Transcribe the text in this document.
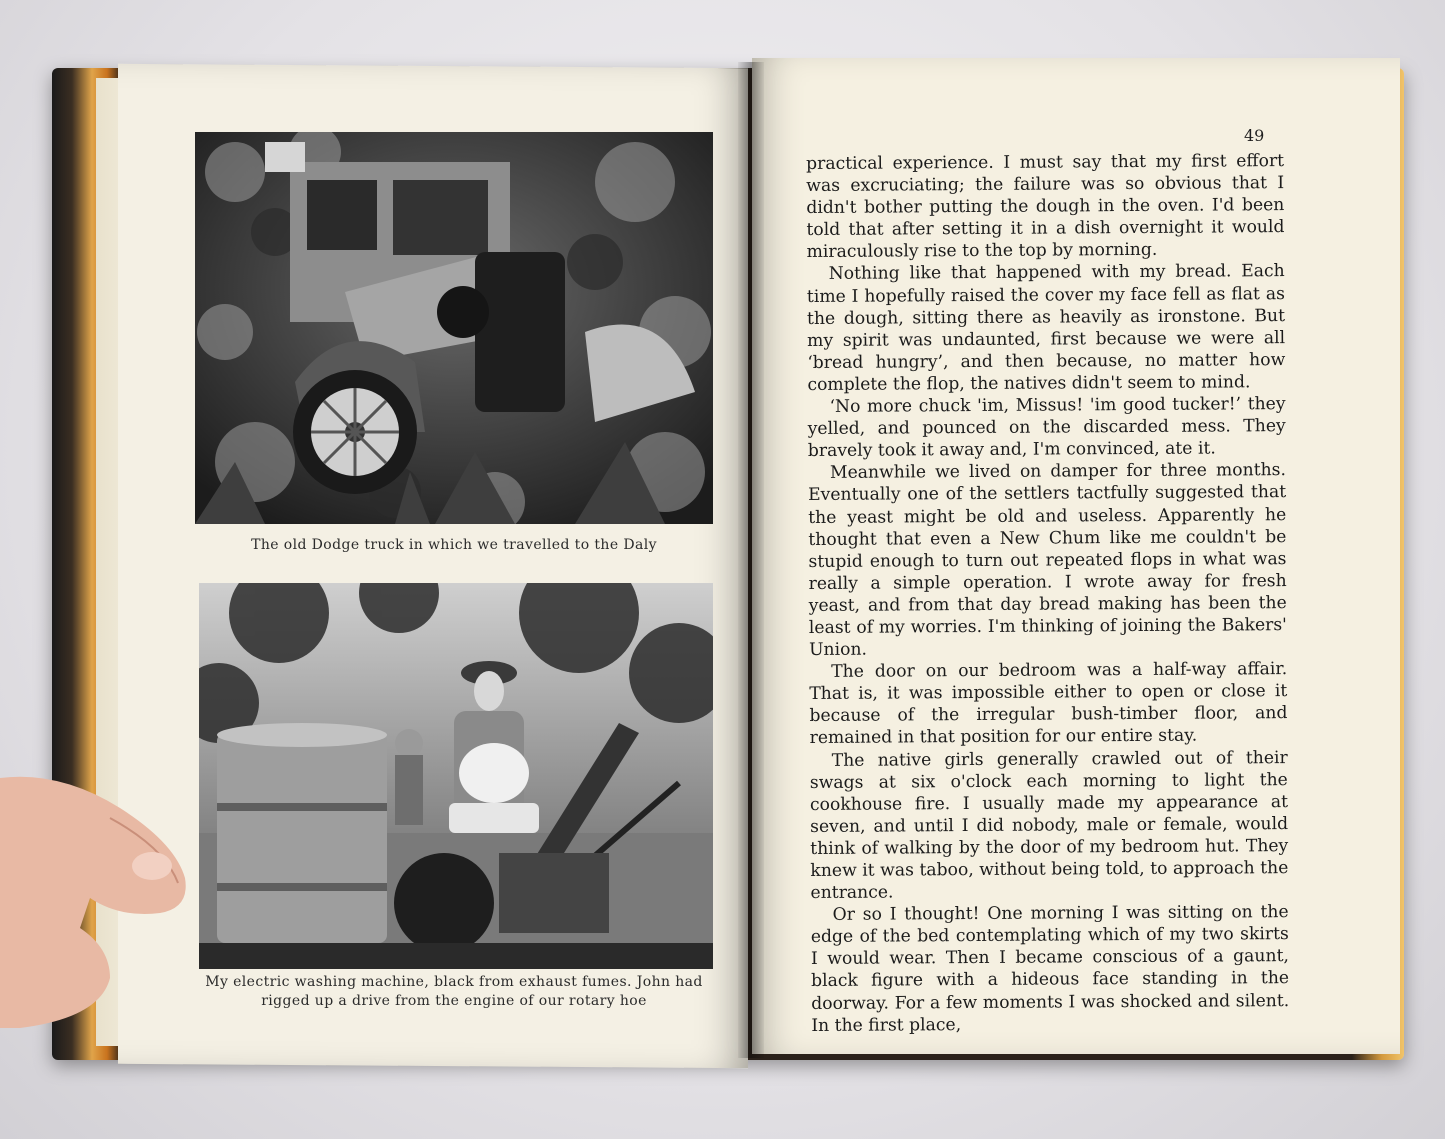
The old Dodge truck in which we travelled to the Daly
My electric washing machine, black from exhaust fumes. John had rigged up a drive from the engine of our rotary hoe
49

practical experience. I must say that my first effort was excruciating; the failure was so obvious that I didn't bother putting the dough in the oven. I'd been told that after setting it in a dish overnight it would miraculously rise to the top by morning.

Nothing like that happened with my bread. Each time I hopefully raised the cover my face fell as flat as the dough, sitting there as heavily as ironstone. But my spirit was undaunted, first because we were all ‘bread hungry’, and then because, no matter how complete the flop, the natives didn't seem to mind.

‘No more chuck 'im, Missus! 'im good tucker!’ they yelled, and pounced on the discarded mess. They bravely took it away and, I'm convinced, ate it.

Meanwhile we lived on damper for three months. Eventually one of the settlers tactfully suggested that the yeast might be old and useless. Apparently he thought that even a New Chum like me couldn't be stupid enough to turn out repeated flops in what was really a simple operation. I wrote away for fresh yeast, and from that day bread making has been the least of my worries. I'm thinking of joining the Bakers' Union.

The door on our bedroom was a half-way affair. That is, it was impossible either to open or close it because of the irregular bush-timber floor, and remained in that position for our entire stay.

The native girls generally crawled out of their swags at six o'clock each morning to light the cookhouse fire. I usually made my appearance at seven, and until I did nobody, male or female, would think of walking by the door of my bedroom hut. They knew it was taboo, without being told, to approach the entrance.

Or so I thought! One morning I was sitting on the edge of the bed contemplating which of my two skirts I would wear. Then I became conscious of a gaunt, black figure with a hideous face standing in the doorway. For a few moments I was shocked and silent. In the first place,
